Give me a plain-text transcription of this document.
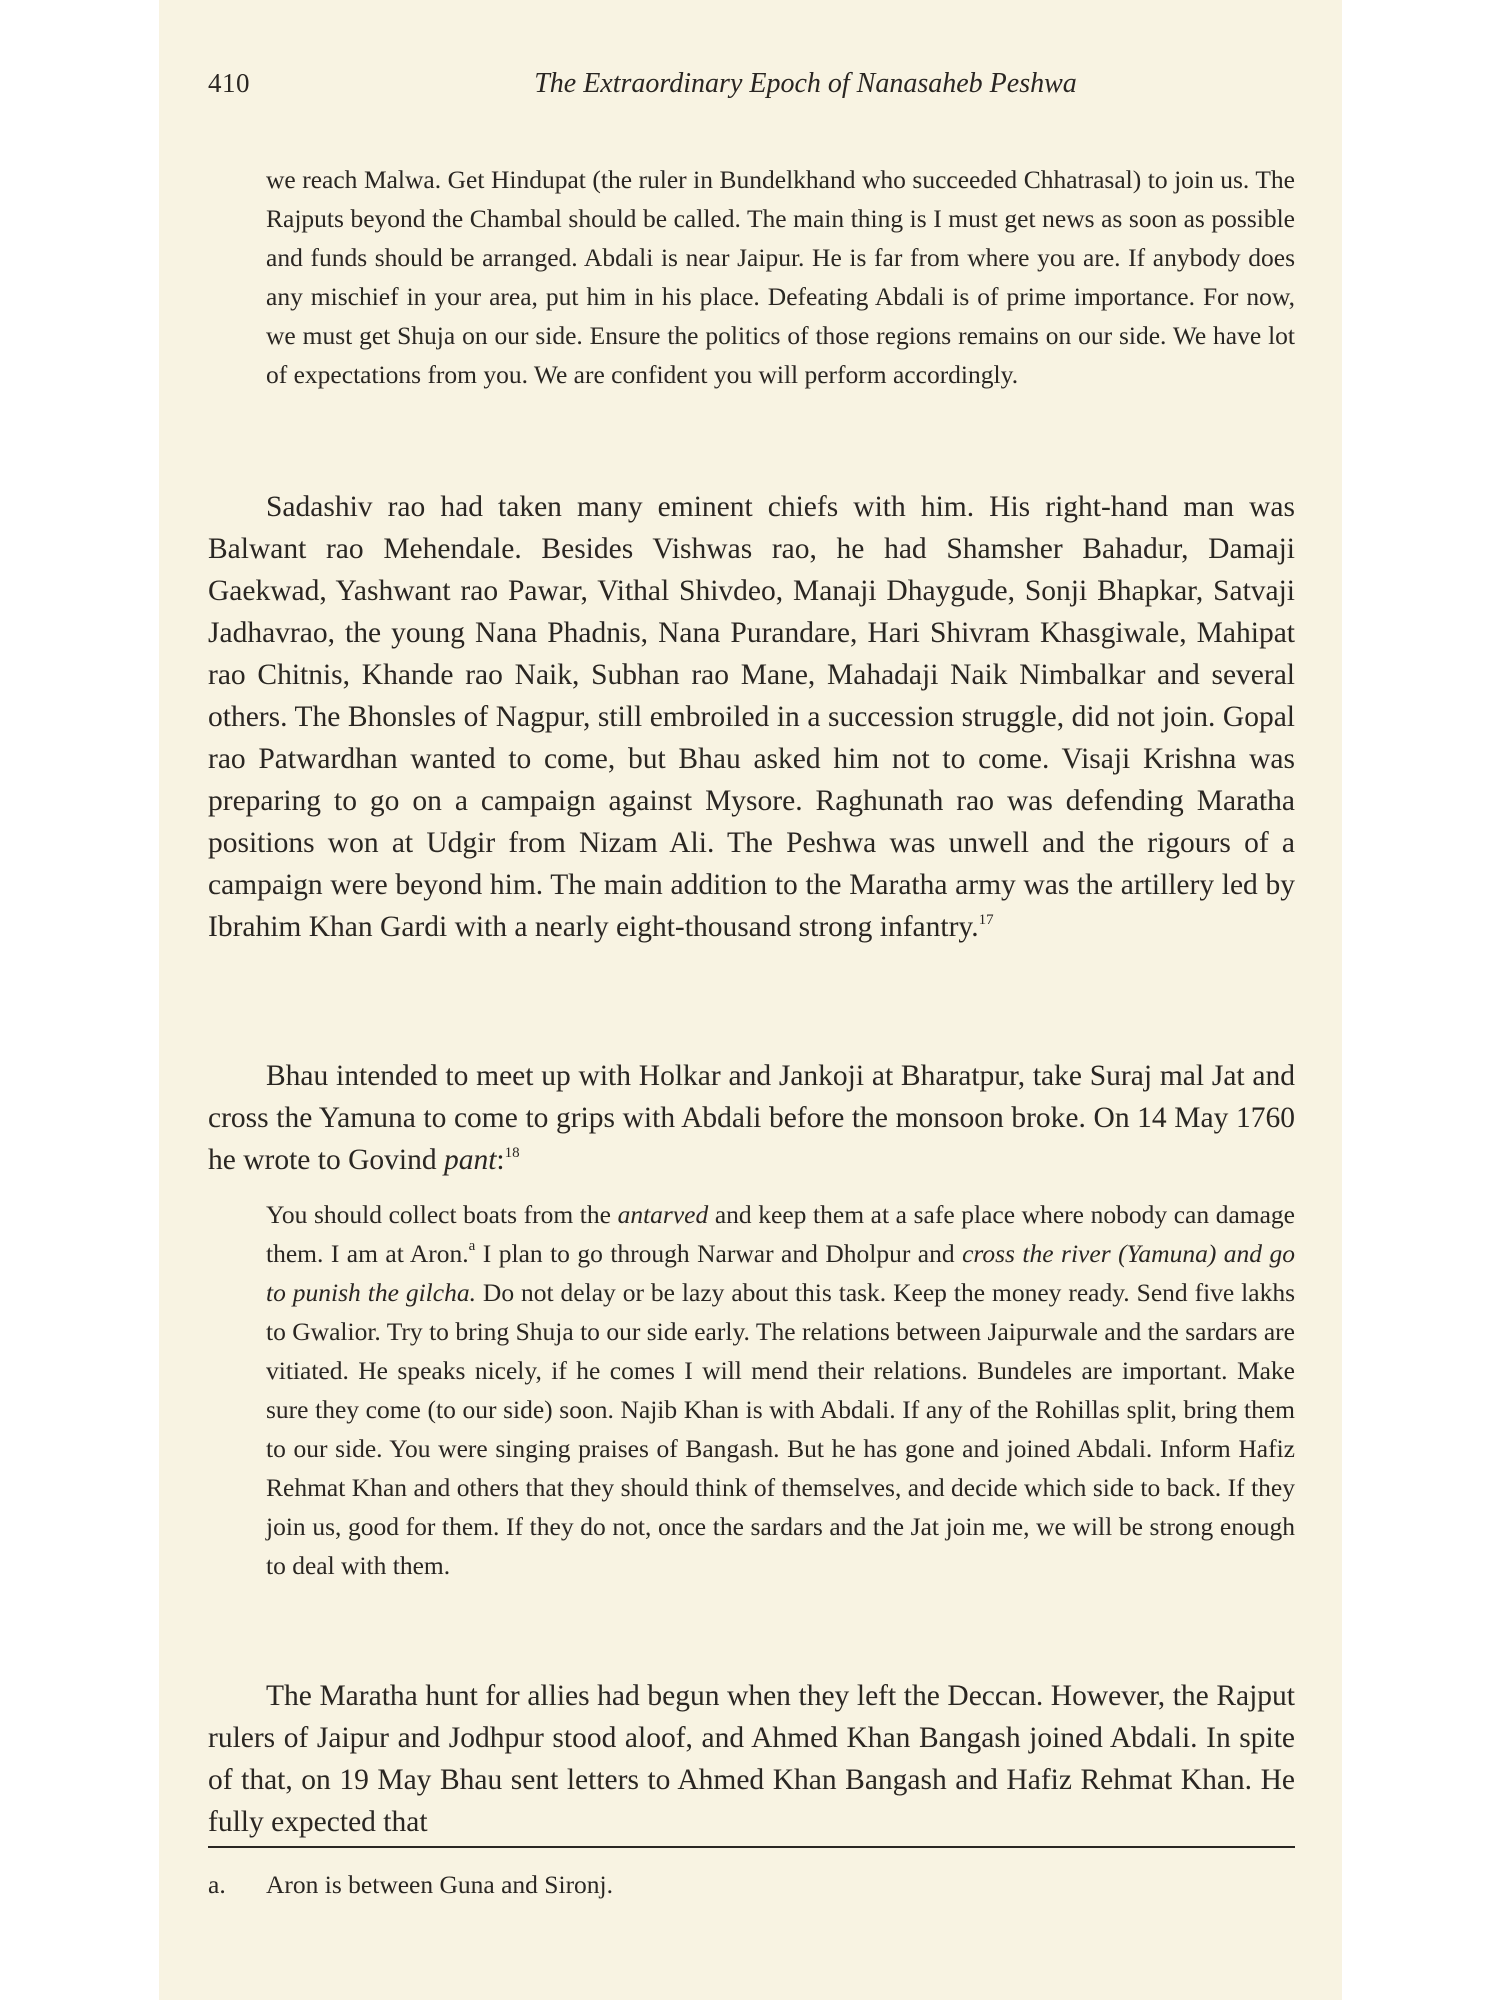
410	The Extraordinary Epoch of Nanasaheb Peshwa
we reach Malwa. Get Hindupat (the ruler in Bundelkhand who succeeded Chhatrasal) to join us. The Rajputs beyond the Chambal should be called. The main thing is I must get news as soon as possible and funds should be arranged. Abdali is near Jaipur. He is far from where you are. If anybody does any mischief in your area, put him in his place. Defeating Abdali is of prime importance. For now, we must get Shuja on our side. Ensure the politics of those regions remains on our side. We have lot of expectations from you. We are confident you will perform accordingly.
Sadashiv rao had taken many eminent chiefs with him. His right-hand man was Balwant rao Mehendale. Besides Vishwas rao, he had Shamsher Bahadur, Damaji Gaekwad, Yashwant rao Pawar, Vithal Shivdeo, Manaji Dhaygude, Sonji Bhapkar, Satvaji Jadhavrao, the young Nana Phadnis, Nana Purandare, Hari Shivram Khasgiwale, Mahipat rao Chitnis, Khande rao Naik, Subhan rao Mane, Mahadaji Naik Nimbalkar and several others. The Bhonsles of Nagpur, still embroiled in a succession struggle, did not join. Gopal rao Patwardhan wanted to come, but Bhau asked him not to come. Visaji Krishna was preparing to go on a campaign against Mysore. Raghunath rao was defending Maratha positions won at Udgir from Nizam Ali. The Peshwa was unwell and the rigours of a campaign were beyond him. The main addition to the Maratha army was the artillery led by Ibrahim Khan Gardi with a nearly eight-thousand strong infantry.$^{17}$
Bhau intended to meet up with Holkar and Jankoji at Bharatpur, take Suraj mal Jat and cross the Yamuna to come to grips with Abdali before the monsoon broke. On 14 May 1760 he wrote to Govind pant:$^{18}$
You should collect boats from the antarved and keep them at a safe place where nobody can damage them. I am at Aron.$^a$ I plan to go through Narwar and Dholpur and cross the river (Yamuna) and go to punish the gilcha. Do not delay or be lazy about this task. Keep the money ready. Send five lakhs to Gwalior. Try to bring Shuja to our side early. The relations between Jaipurwale and the sardars are vitiated. He speaks nicely, if he comes I will mend their relations. Bundeles are important. Make sure they come (to our side) soon. Najib Khan is with Abdali. If any of the Rohillas split, bring them to our side. You were singing praises of Bangash. But he has gone and joined Abdali. Inform Hafiz Rehmat Khan and others that they should think of themselves, and decide which side to back. If they join us, good for them. If they do not, once the sardars and the Jat join me, we will be strong enough to deal with them.
The Maratha hunt for allies had begun when they left the Deccan. However, the Rajput rulers of Jaipur and Jodhpur stood aloof, and Ahmed Khan Bangash joined Abdali. In spite of that, on 19 May Bhau sent letters to Ahmed Khan Bangash and Hafiz Rehmat Khan. He fully expected that
a. Aron is between Guna and Sironj.
